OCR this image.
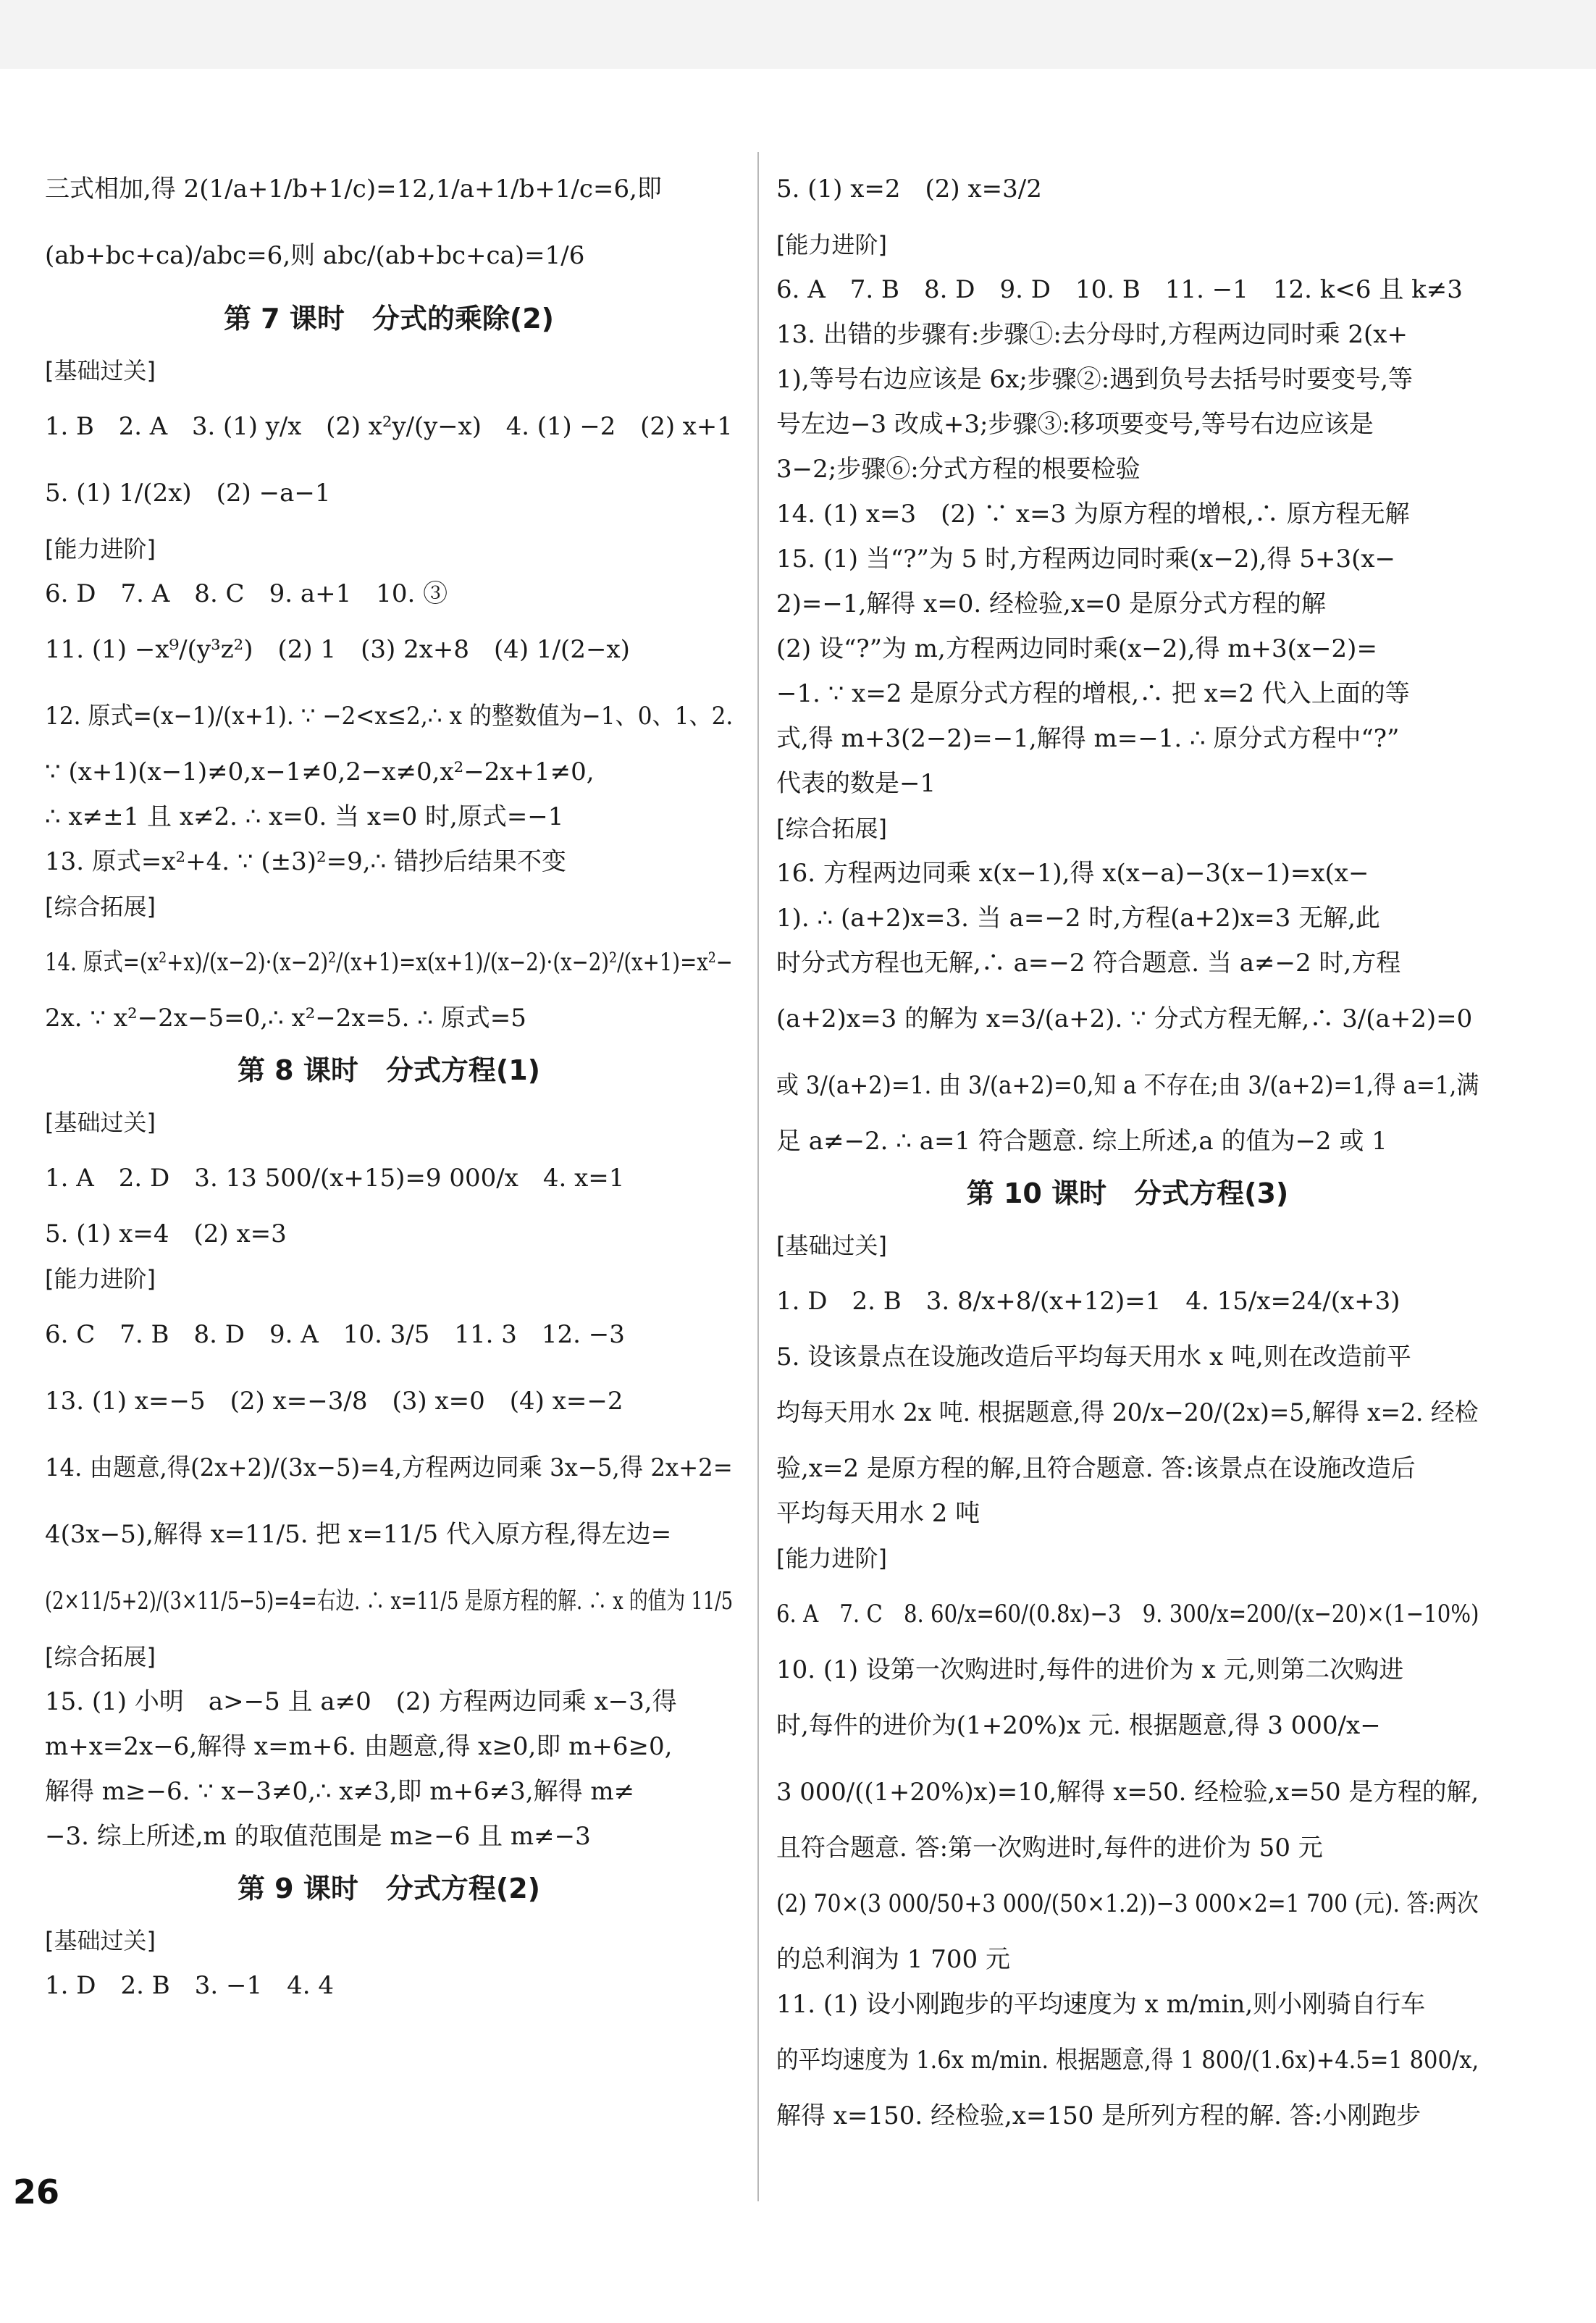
三式相加,得 2(1/a+1/b+1/c)=12,1/a+1/b+1/c=6,即
(ab+bc+ca)/abc=6,则 abc/(ab+bc+ca)=1/6
第 7 课时　分式的乘除(2)
[基础过关]
1. B　2. A　3. (1) y/x　(2) x²y/(y−x)　4. (1) −2　(2) x+1
5. (1) 1/(2x)　(2) −a−1
[能力进阶]
6. D　7. A　8. C　9. a+1　10. ③
11. (1) −x⁹/(y³z²)　(2) 1　(3) 2x+8　(4) 1/(2−x)
12. 原式=(x−1)/(x+1). ∵ −2<x≤2,∴ x 的整数值为−1、0、1、2.
∵ (x+1)(x−1)≠0,x−1≠0,2−x≠0,x²−2x+1≠0,
∴ x≠±1 且 x≠2. ∴ x=0. 当 x=0 时,原式=−1
13. 原式=x²+4. ∵ (±3)²=9,∴ 错抄后结果不变
[综合拓展]
14. 原式=(x²+x)/(x−2)·(x−2)²/(x+1)=x(x+1)/(x−2)·(x−2)²/(x+1)=x²−
2x. ∵ x²−2x−5=0,∴ x²−2x=5. ∴ 原式=5
第 8 课时　分式方程(1)
[基础过关]
1. A　2. D　3. 13 500/(x+15)=9 000/x　4. x=1
5. (1) x=4　(2) x=3
[能力进阶]
6. C　7. B　8. D　9. A　10. 3/5　11. 3　12. −3
13. (1) x=−5　(2) x=−3/8　(3) x=0　(4) x=−2
14. 由题意,得(2x+2)/(3x−5)=4,方程两边同乘 3x−5,得 2x+2=
4(3x−5),解得 x=11/5. 把 x=11/5 代入原方程,得左边=
(2×11/5+2)/(3×11/5−5)=4=右边. ∴ x=11/5 是原方程的解. ∴ x 的值为 11/5
[综合拓展]
15. (1) 小明　a>−5 且 a≠0　(2) 方程两边同乘 x−3,得
m+x=2x−6,解得 x=m+6. 由题意,得 x≥0,即 m+6≥0,
解得 m≥−6. ∵ x−3≠0,∴ x≠3,即 m+6≠3,解得 m≠
−3. 综上所述,m 的取值范围是 m≥−6 且 m≠−3
第 9 课时　分式方程(2)
[基础过关]
1. D　2. B　3. −1　4. 4
5. (1) x=2　(2) x=3/2
[能力进阶]
6. A　7. B　8. D　9. D　10. B　11. −1　12. k<6 且 k≠3
13. 出错的步骤有:步骤①:去分母时,方程两边同时乘 2(x+
1),等号右边应该是 6x;步骤②:遇到负号去括号时要变号,等
号左边−3 改成+3;步骤③:移项要变号,等号右边应该是
3−2;步骤⑥:分式方程的根要检验
14. (1) x=3　(2) ∵ x=3 为原方程的增根,∴ 原方程无解
15. (1) 当“?”为 5 时,方程两边同时乘(x−2),得 5+3(x−
2)=−1,解得 x=0. 经检验,x=0 是原分式方程的解
(2) 设“?”为 m,方程两边同时乘(x−2),得 m+3(x−2)=
−1. ∵ x=2 是原分式方程的增根,∴ 把 x=2 代入上面的等
式,得 m+3(2−2)=−1,解得 m=−1. ∴ 原分式方程中“?”
代表的数是−1
[综合拓展]
16. 方程两边同乘 x(x−1),得 x(x−a)−3(x−1)=x(x−
1). ∴ (a+2)x=3. 当 a=−2 时,方程(a+2)x=3 无解,此
时分式方程也无解,∴ a=−2 符合题意. 当 a≠−2 时,方程
(a+2)x=3 的解为 x=3/(a+2). ∵ 分式方程无解,∴ 3/(a+2)=0
或 3/(a+2)=1. 由 3/(a+2)=0,知 a 不存在;由 3/(a+2)=1,得 a=1,满
足 a≠−2. ∴ a=1 符合题意. 综上所述,a 的值为−2 或 1
第 10 课时　分式方程(3)
[基础过关]
1. D　2. B　3. 8/x+8/(x+12)=1　4. 15/x=24/(x+3)
5. 设该景点在设施改造后平均每天用水 x 吨,则在改造前平
均每天用水 2x 吨. 根据题意,得 20/x−20/(2x)=5,解得 x=2. 经检
验,x=2 是原方程的解,且符合题意. 答:该景点在设施改造后
平均每天用水 2 吨
[能力进阶]
6. A　7. C　8. 60/x=60/(0.8x)−3　9. 300/x=200/(x−20)×(1−10%)
10. (1) 设第一次购进时,每件的进价为 x 元,则第二次购进
时,每件的进价为(1+20%)x 元. 根据题意,得 3 000/x−
3 000/((1+20%)x)=10,解得 x=50. 经检验,x=50 是方程的解,
且符合题意. 答:第一次购进时,每件的进价为 50 元
(2) 70×(3 000/50+3 000/(50×1.2))−3 000×2=1 700 (元). 答:两次
的总利润为 1 700 元
11. (1) 设小刚跑步的平均速度为 x m/min,则小刚骑自行车
的平均速度为 1.6x m/min. 根据题意,得 1 800/(1.6x)+4.5=1 800/x,
解得 x=150. 经检验,x=150 是所列方程的解. 答:小刚跑步
26
